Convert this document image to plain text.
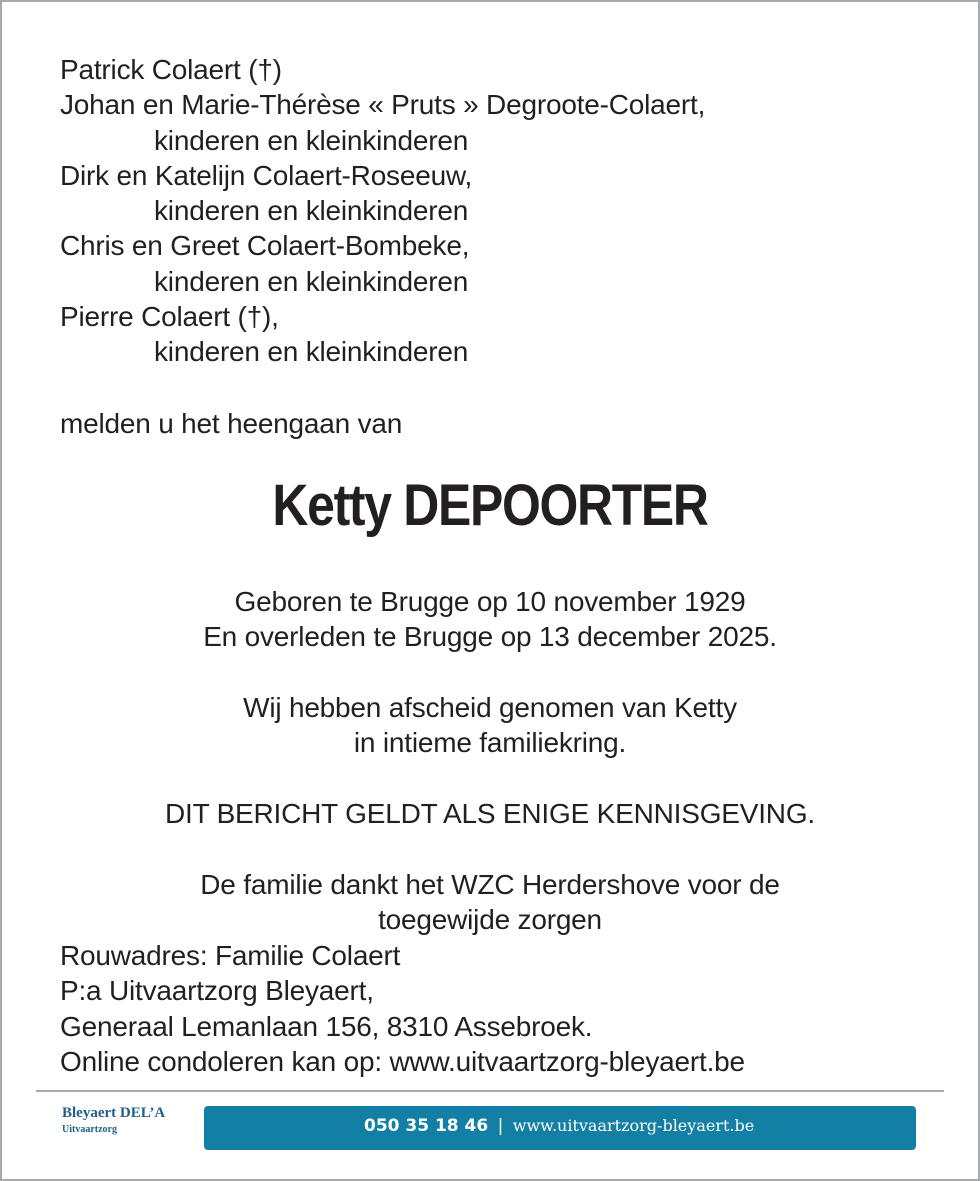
Patrick Colaert (†)
Johan en Marie-Thérèse « Pruts » Degroote-Colaert,
kinderen en kleinkinderen
Dirk en Katelijn Colaert-Roseeuw,
kinderen en kleinkinderen
Chris en Greet Colaert-Bombeke,
kinderen en kleinkinderen
Pierre Colaert (†),
kinderen en kleinkinderen
melden u het heengaan van
Ketty DEPOORTER
Geboren te Brugge op 10 november 1929
En overleden te Brugge op 13 december 2025.
Wij hebben afscheid genomen van Ketty
in intieme familiekring.
DIT BERICHT GELDT ALS ENIGE KENNISGEVING.
De familie dankt het WZC Herdershove voor de
toegewijde zorgen
Rouwadres: Familie Colaert
P:a Uitvaartzorg Bleyaert,
Generaal Lemanlaan 156, 8310 Assebroek.
Online condoleren kan op: www.uitvaartzorg-bleyaert.be
Bleyaert DEL’A
Uitvaartzorg	050 35 18 46 | www.uitvaartzorg-bleyaert.be
